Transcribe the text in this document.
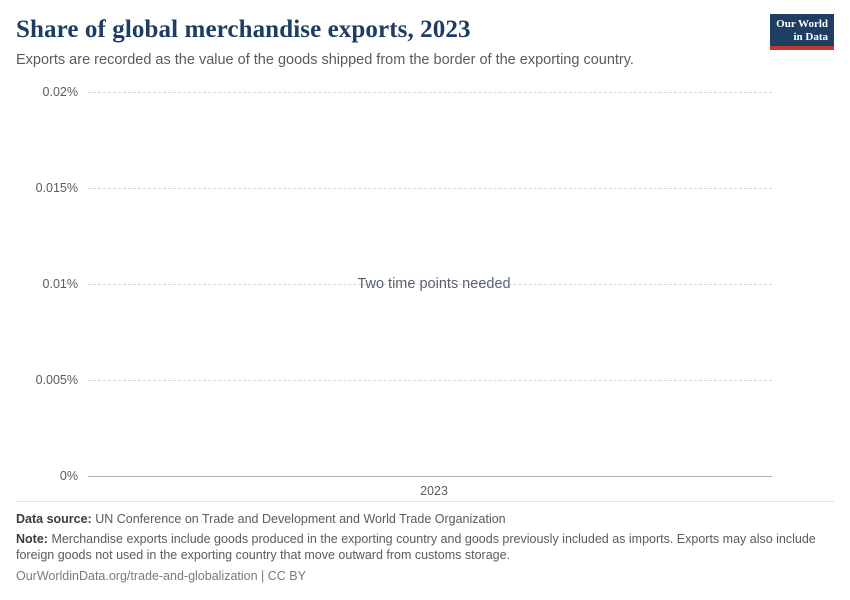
Share of global merchandise exports, 2023

Exports are recorded as the value of the goods shipped from the border of the exporting country.

Our World
in Data
0.02%
0.015%
0.01%
0.005%
0%
2023
Two time points needed
Data source: UN Conference on Trade and Development and World Trade Organization
Note: Merchandise exports include goods produced in the exporting country and goods previously included as imports. Exports may also include foreign goods not used in the exporting country that move outward from customs storage.
OurWorldinData.org/trade-and-globalization | CC BY
